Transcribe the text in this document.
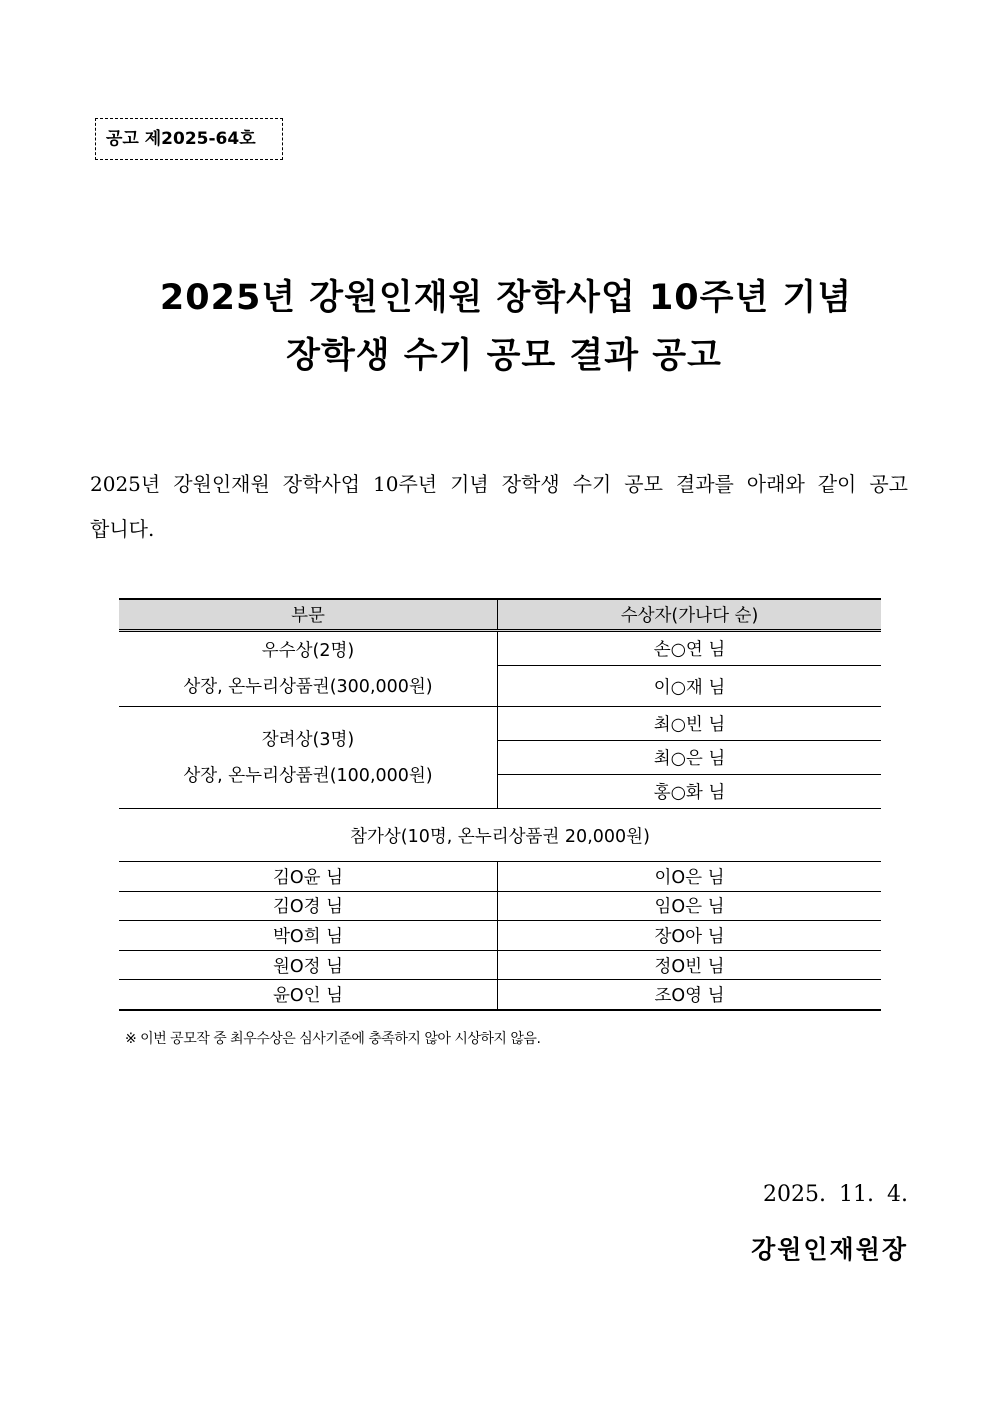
공고 제2025-64호
2025년 강원인재원 장학사업 10주년 기념
장학생 수기 공모 결과 공고
2025년 강원인재원 장학사업 10주년 기념 장학생 수기 공모 결과를 아래와 같이 공고합니다.
부문	수상자(가나다 순)

우수상(2명)
상장, 온누리상품권(300,000원)	손○연 님
	이○재 님

장려상(3명)
상장, 온누리상품권(100,000원)	최○빈 님
	최○은 님
	홍○화 님
참가상(10명, 온누리상품권 20,000원)	
김O윤 님	이O은 님
김O경 님	임O은 님
박O희 님	장O아 님
원O정 님	정O빈 님
윤O인 님	조O영 님
※ 이번 공모작 중 최우수상은 심사기준에 충족하지 않아 시상하지 않음.
2025. 11. 4.
강원인재원장
